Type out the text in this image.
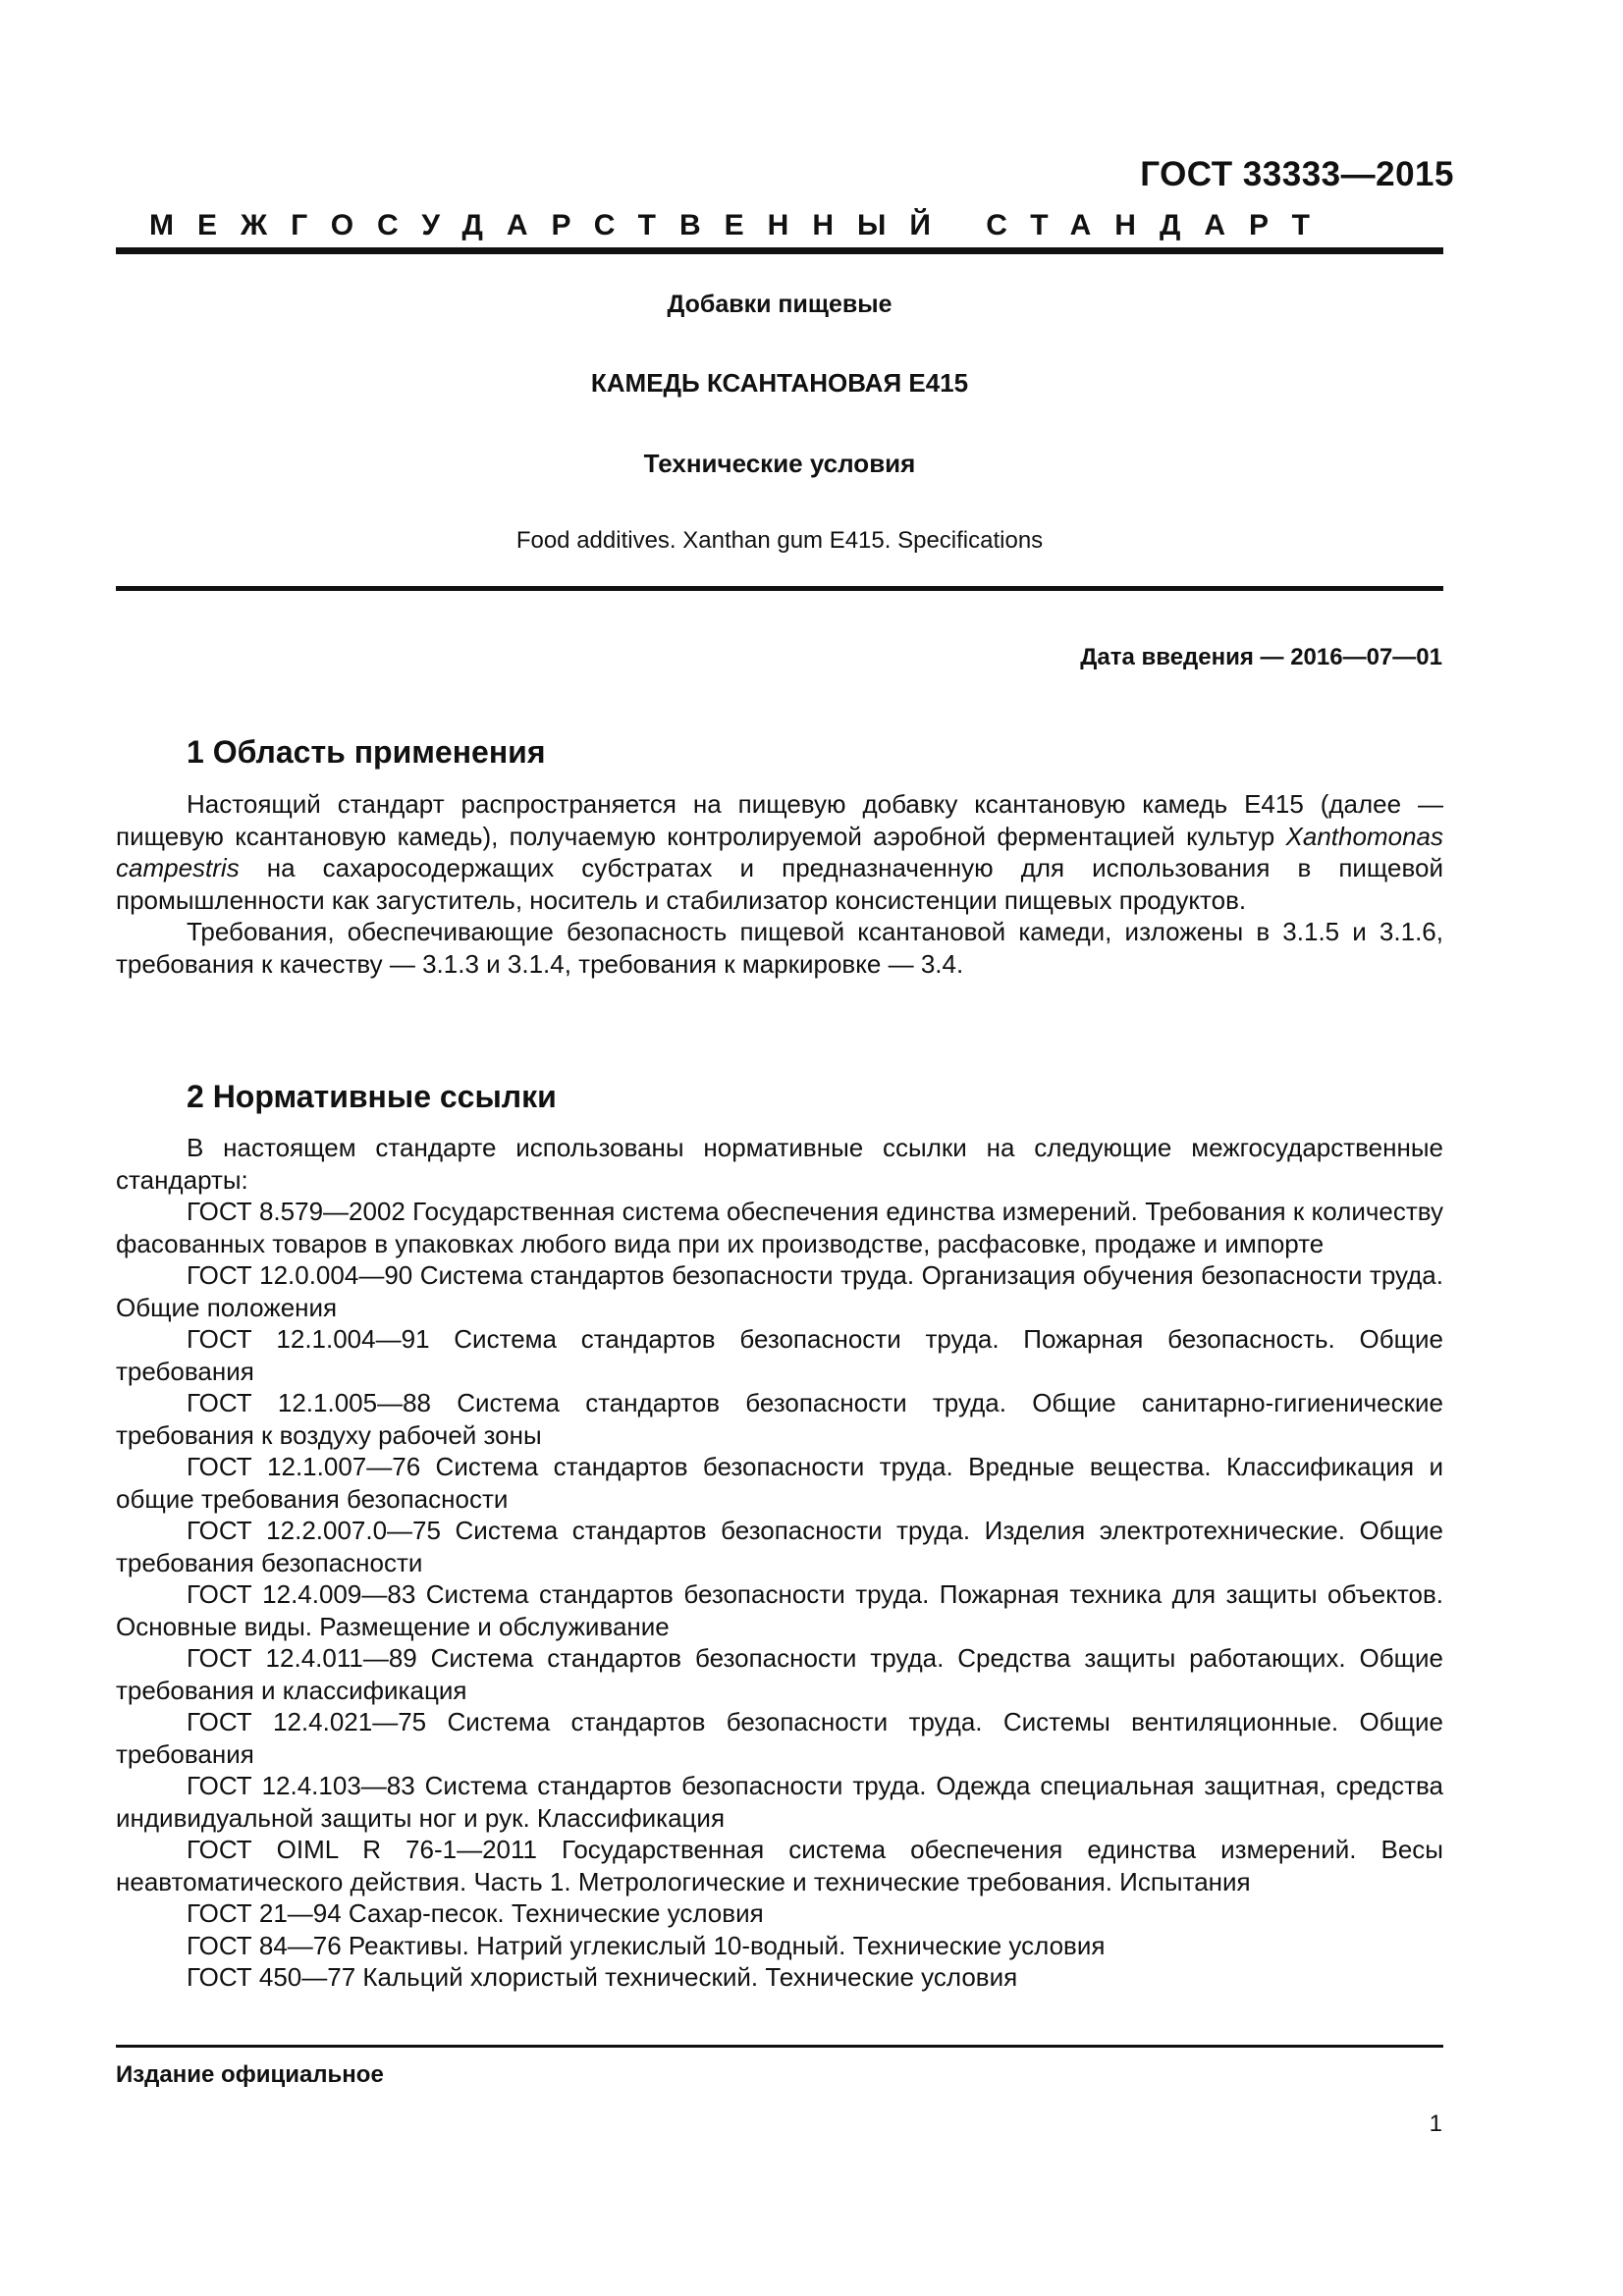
ГОСТ 33333—2015
МЕЖГОСУДАРСТВЕННЫЙ СТАНДАРТ
Добавки пищевые
КАМЕДЬ КСАНТАНОВАЯ Е415
Технические условия
Food additives. Xanthan gum E415. Specifications
Дата введения — 2016—07—01
1 Область применения

Настоящий стандарт распространяется на пищевую добавку ксантановую камедь Е415 (далее — пищевую ксантановую камедь), получаемую контролируемой аэробной ферментацией культур Xanthomonas campestris на сахаросодержащих субстратах и предназначенную для использования в пищевой промышленности как загуститель, носитель и стабилизатор консистенции пищевых продуктов.

Требования, обеспечивающие безопасность пищевой ксантановой камеди, изложены в 3.1.5 и 3.1.6, требования к качеству — 3.1.3 и 3.1.4, требования к маркировке — 3.4.

2 Нормативные ссылки

В настоящем стандарте использованы нормативные ссылки на следующие межгосударственные стандарты:

ГОСТ 8.579—2002 Государственная система обеспечения единства измерений. Требования к количеству фасованных товаров в упаковках любого вида при их производстве, расфасовке, продаже и импорте

ГОСТ 12.0.004—90 Система стандартов безопасности труда. Организация обучения безопасности труда. Общие положения

ГОСТ 12.1.004—91 Система стандартов безопасности труда. Пожарная безопасность. Общие требования

ГОСТ 12.1.005—88 Система стандартов безопасности труда. Общие санитарно-гигиенические требования к воздуху рабочей зоны

ГОСТ 12.1.007—76 Система стандартов безопасности труда. Вредные вещества. Классификация и общие требования безопасности

ГОСТ 12.2.007.0—75 Система стандартов безопасности труда. Изделия электротехнические. Общие требования безопасности

ГОСТ 12.4.009—83 Система стандартов безопасности труда. Пожарная техника для защиты объектов. Основные виды. Размещение и обслуживание

ГОСТ 12.4.011—89 Система стандартов безопасности труда. Средства защиты работающих. Общие требования и классификация

ГОСТ 12.4.021—75 Система стандартов безопасности труда. Системы вентиляционные. Общие требования

ГОСТ 12.4.103—83 Система стандартов безопасности труда. Одежда специальная защитная, средства индивидуальной защиты ног и рук. Классификация

ГОСТ OIML R 76-1—2011 Государственная система обеспечения единства измерений. Весы неавтоматического действия. Часть 1. Метрологические и технические требования. Испытания

ГОСТ 21—94 Сахар-песок. Технические условия

ГОСТ 84—76 Реактивы. Натрий углекислый 10-водный. Технические условия

ГОСТ 450—77 Кальций хлористый технический. Технические условия

Издание официальное
1
